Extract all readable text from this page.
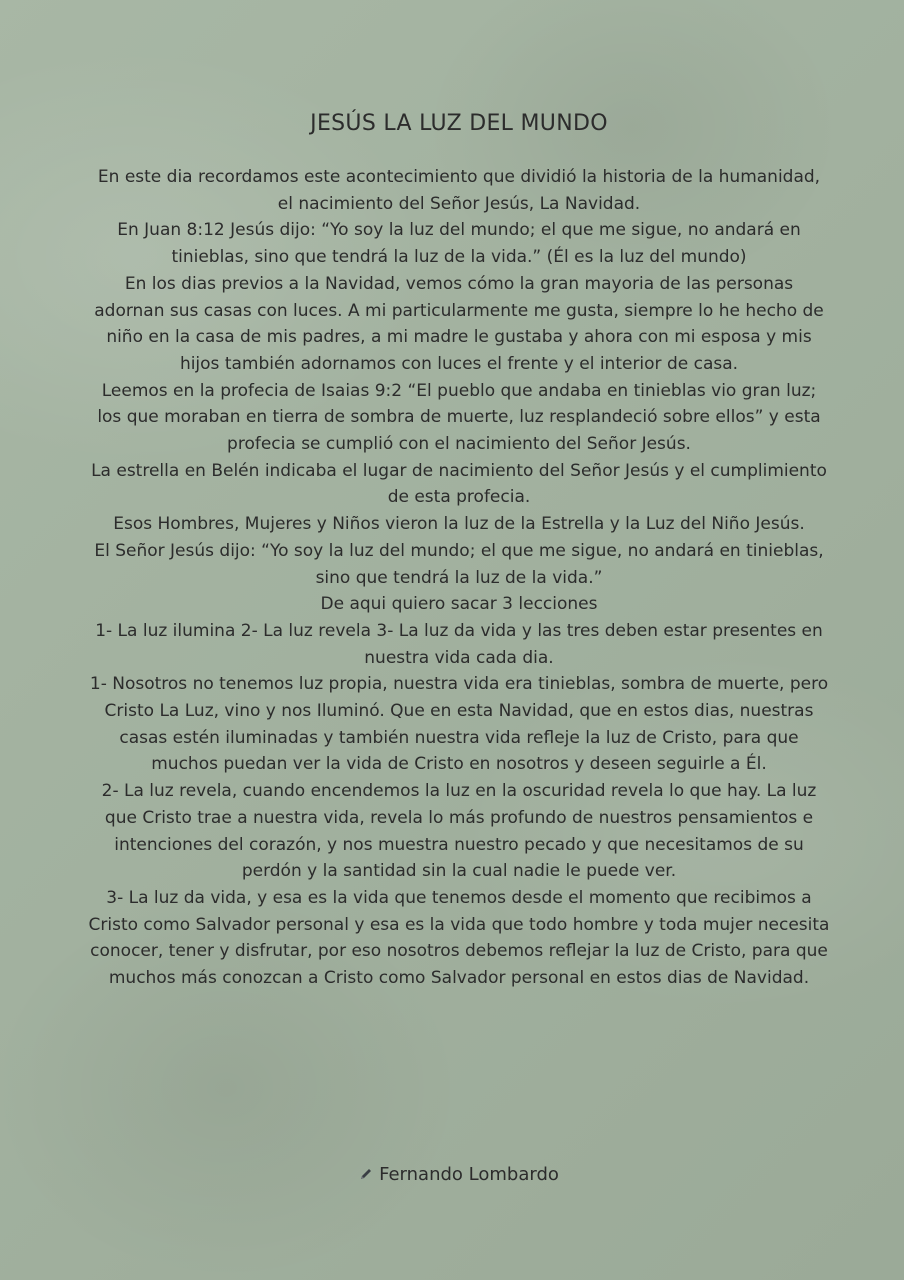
JESÚS LA LUZ DEL MUNDO

En este dia recordamos este acontecimiento que dividió la historia de la humanidad, el nacimiento del Señor Jesús, La Navidad.

En Juan 8:12 Jesús dijo: “Yo soy la luz del mundo; el que me sigue, no andará en tinieblas, sino que tendrá la luz de la vida.” (Él es la luz del mundo)

En los dias previos a la Navidad, vemos cómo la gran mayoria de las personas adornan sus casas con luces. A mi particularmente me gusta, siempre lo he hecho de niño en la casa de mis padres, a mi madre le gustaba y ahora con mi esposa y mis hijos también adornamos con luces el frente y el interior de casa.

Leemos en la profecia de Isaias 9:2 “El pueblo que andaba en tinieblas vio gran luz; los que moraban en tierra de sombra de muerte, luz resplandeció sobre ellos” y esta profecia se cumplió con el nacimiento del Señor Jesús.

La estrella en Belén indicaba el lugar de nacimiento del Señor Jesús y el cumplimiento de esta profecia.

Esos Hombres, Mujeres y Niños vieron la luz de la Estrella y la Luz del Niño Jesús.

El Señor Jesús dijo: “Yo soy la luz del mundo; el que me sigue, no andará en tinieblas, sino que tendrá la luz de la vida.”

De aqui quiero sacar 3 lecciones

1- La luz ilumina 2- La luz revela 3- La luz da vida y las tres deben estar presentes en nuestra vida cada dia.

1- Nosotros no tenemos luz propia, nuestra vida era tinieblas, sombra de muerte, pero Cristo La Luz, vino y nos Iluminó. Que en esta Navidad, que en estos dias, nuestras casas estén iluminadas y también nuestra vida refleje la luz de Cristo, para que muchos puedan ver la vida de Cristo en nosotros y deseen seguirle a Él.

2- La luz revela, cuando encendemos la luz en la oscuridad revela lo que hay. La luz que Cristo trae a nuestra vida, revela lo más profundo de nuestros pensamientos e intenciones del corazón, y nos muestra nuestro pecado y que necesitamos de su perdón y la santidad sin la cual nadie le puede ver.

3- La luz da vida, y esa es la vida que tenemos desde el momento que recibimos a Cristo como Salvador personal y esa es la vida que todo hombre y toda mujer necesita conocer, tener y disfrutar, por eso nosotros debemos reflejar la luz de Cristo, para que muchos más conozcan a Cristo como Salvador personal en estos dias de Navidad.

Fernando Lombardo
